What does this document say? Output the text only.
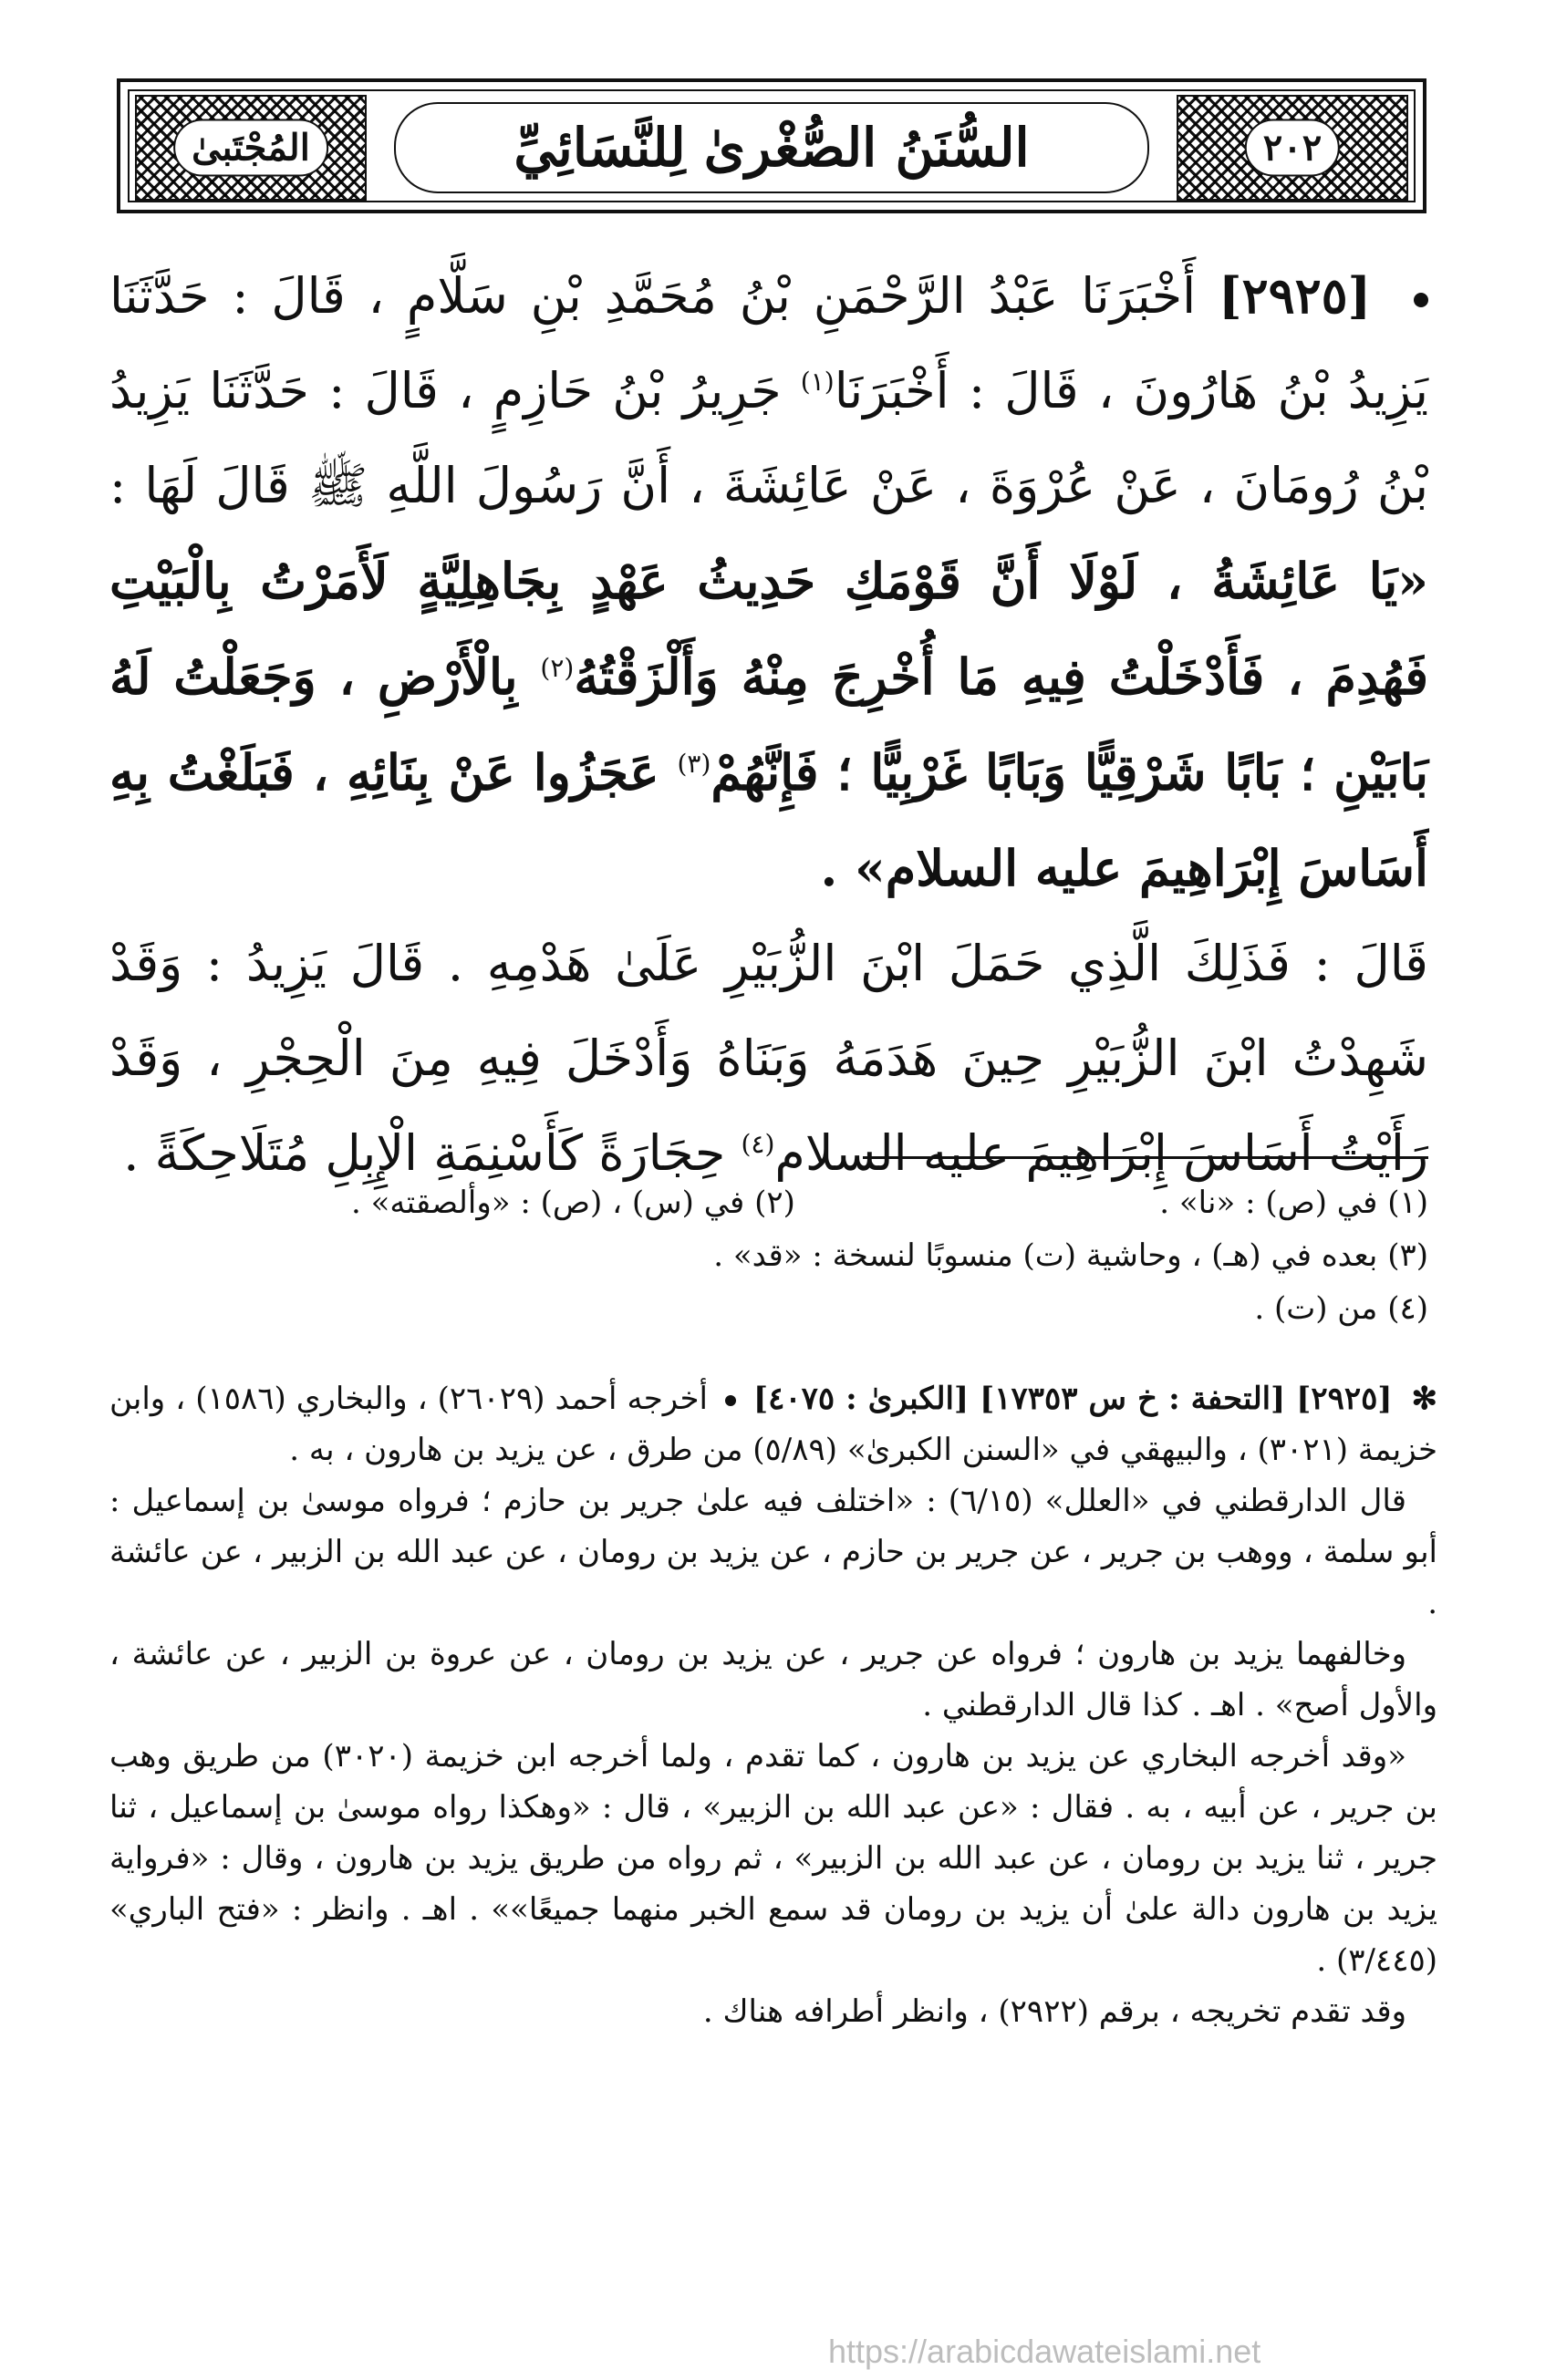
٢٠٢
السُّنَنُ الصُّغْرىٰ لِلنَّسَائِيِّ
المُجْتَبىٰ

[٢٩٢٥] أَخْبَرَنَا عَبْدُ الرَّحْمَنِ بْنُ مُحَمَّدِ بْنِ سَلَّامٍ ، قَالَ : حَدَّثَنَا يَزِيدُ بْنُ هَارُونَ ، قَالَ : أَخْبَرَنَا$^{(١)}$ جَرِيرُ بْنُ حَازِمٍ ، قَالَ : حَدَّثَنَا يَزِيدُ بْنُ رُومَانَ ، عَنْ عُرْوَةَ ، عَنْ عَائِشَةَ ، أَنَّ رَسُولَ اللَّهِ ﷺ قَالَ لَهَا : «يَا عَائِشَةُ ، لَوْلَا أَنَّ قَوْمَكِ حَدِيثُ عَهْدٍ بِجَاهِلِيَّةٍ لَأَمَرْتُ بِالْبَيْتِ فَهُدِمَ ، فَأَدْخَلْتُ فِيهِ مَا أُخْرِجَ مِنْهُ وَأَلْزَقْتُهُ$^{(٢)}$ بِالْأَرْضِ ، وَجَعَلْتُ لَهُ بَابَيْنِ ؛ بَابًا شَرْقِيًّا وَبَابًا غَرْبِيًّا ؛ فَإِنَّهُمْ$^{(٣)}$ عَجَزُوا عَنْ بِنَائِهِ ، فَبَلَغْتُ بِهِ أَسَاسَ إِبْرَاهِيمَ عليه السلام» .

قَالَ : فَذَلِكَ الَّذِي حَمَلَ ابْنَ الزُّبَيْرِ عَلَىٰ هَدْمِهِ . قَالَ يَزِيدُ : وَقَدْ شَهِدْتُ ابْنَ الزُّبَيْرِ حِينَ هَدَمَهُ وَبَنَاهُ وَأَدْخَلَ فِيهِ مِنَ الْحِجْرِ ، وَقَدْ رَأَيْتُ أَسَاسَ إِبْرَاهِيمَ عليه السلام$^{(٤)}$ حِجَارَةً كَأَسْنِمَةِ الْإِبِلِ مُتَلَاحِكَةً .

(١) في (ص) : «نا» .
(٢) في (س) ، (ص) : «وألصقته» .
(٣) بعده في (هـ) ، وحاشية (ت) منسوبًا لنسخة : «قد» .
(٤) من (ت) .

✻ [٢٩٢٥] [التحفة : خ س ١٧٣٥٣] [الكبرىٰ : ٤٠٧٥]  أخرجه أحمد (٢٦٠٢٩) ، والبخاري (١٥٨٦) ، وابن خزيمة (٣٠٢١) ، والبيهقي في «السنن الكبرىٰ» (٥/٨٩) من طرق ، عن يزيد بن هارون ، به .

قال الدارقطني في «العلل» (٦/١٥) : «اختلف فيه علىٰ جرير بن حازم ؛ فرواه موسىٰ بن إسماعيل : أبو سلمة ، ووهب بن جرير ، عن جرير بن حازم ، عن يزيد بن رومان ، عن عبد الله بن الزبير ، عن عائشة .

وخالفهما يزيد بن هارون ؛ فرواه عن جرير ، عن يزيد بن رومان ، عن عروة بن الزبير ، عن عائشة ، والأول أصح» . اهـ . كذا قال الدارقطني .

«وقد أخرجه البخاري عن يزيد بن هارون ، كما تقدم ، ولما أخرجه ابن خزيمة (٣٠٢٠) من طريق وهب بن جرير ، عن أبيه ، به . فقال : «عن عبد الله بن الزبير» ، قال : «وهكذا رواه موسىٰ بن إسماعيل ، ثنا جرير ، ثنا يزيد بن رومان ، عن عبد الله بن الزبير» ، ثم رواه من طريق يزيد بن هارون ، وقال : «فرواية يزيد بن هارون دالة علىٰ أن يزيد بن رومان قد سمع الخبر منهما جميعًا»» . اهـ . وانظر : «فتح الباري» (٣/٤٤٥) .

وقد تقدم تخريجه ، برقم (٢٩٢٢) ، وانظر أطرافه هناك .

https://arabicdawateislami.net
